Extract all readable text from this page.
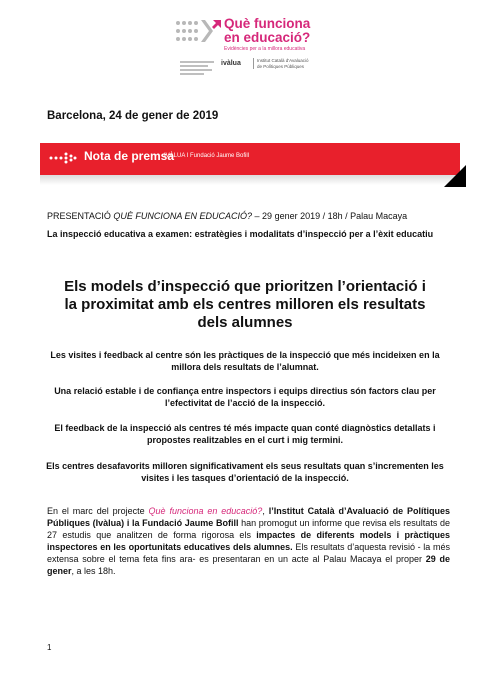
Què funciona
en educació?
Evidències per a la millora educativa
ivàlua	Institut Català d'Avaluació
de Polítiques Públiques
Barcelona, 24 de gener de 2019
Nota de premsa
IVÀLUA I Fundació Jaume Bofill
PRESENTACIÓ QUÈ FUNCIONA EN EDUCACIÓ? – 29 gener 2019 / 18h / Palau Macaya
La inspecció educativa a examen: estratègies i modalitats d’inspecció per a l’èxit educatiu
Els models d’inspecció que prioritzen l’orientació i la proximitat amb els centres milloren els resultats dels alumnes
Les visites i feedback al centre són les pràctiques de la inspecció que més incideixen en la millora dels resultats de l’alumnat.
Una relació estable i de confiança entre inspectors i equips directius són factors clau per l’efectivitat de l’acció de la inspecció.
El feedback de la inspecció als centres té més impacte quan conté diagnòstics detallats i propostes realitzables en el curt i mig termini.
Els centres desafavorits milloren significativament els seus resultats quan s’incrementen les visites i les tasques d’orientació de la inspecció.
En el marc del projecte Què funciona en educació?, l’Institut Català d’Avaluació de Polítiques Públiques (Ivàlua) i la Fundació Jaume Bofill han promogut un informe que revisa els resultats de 27 estudis que analitzen de forma rigorosa els impactes de diferents models i pràctiques inspectores en les oportunitats educatives dels alumnes. Els resultats d’aquesta revisió - la més extensa sobre el tema feta fins ara- es presentaran en un acte al Palau Macaya el proper 29 de gener, a les 18h.
1
